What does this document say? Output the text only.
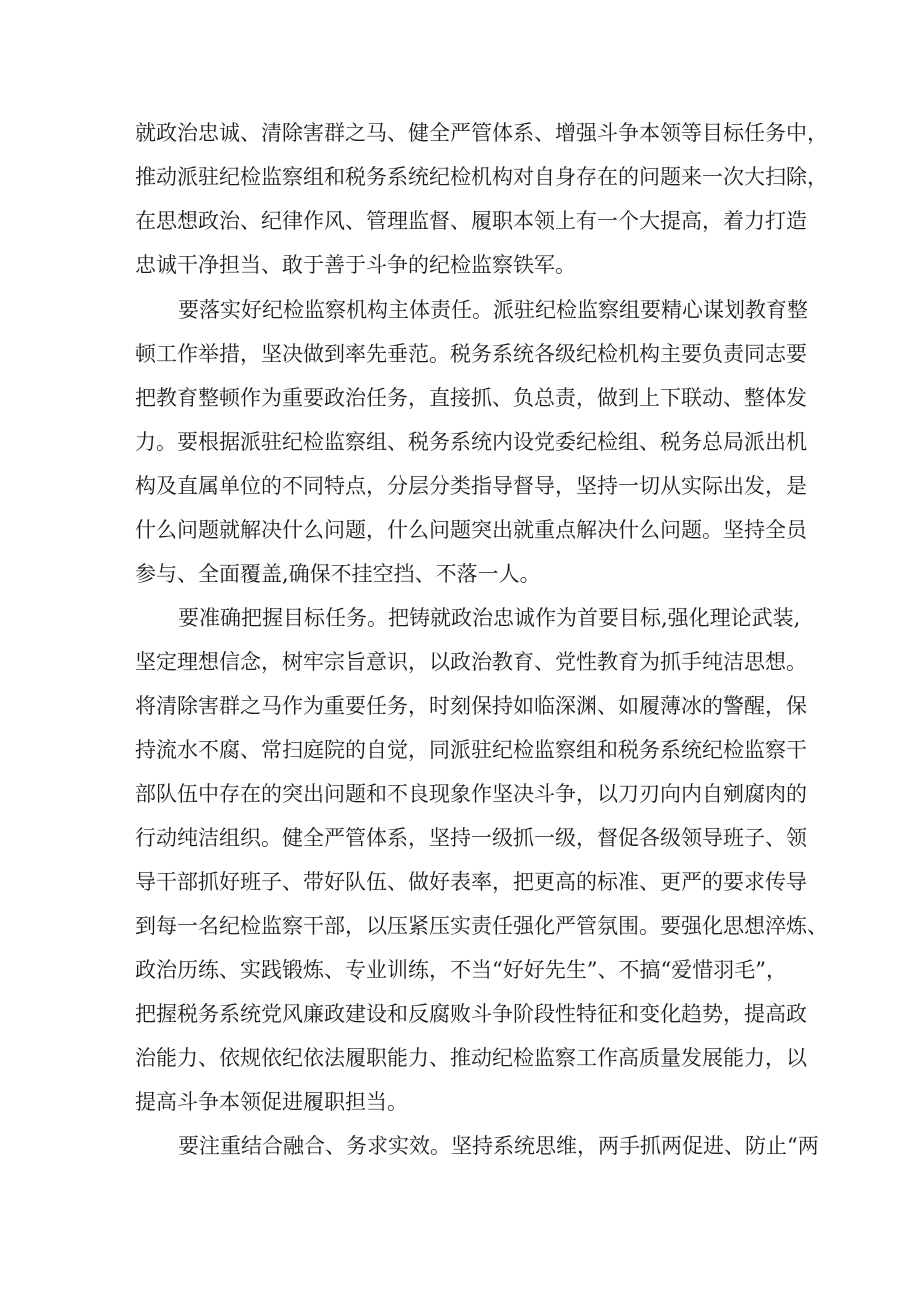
就政治忠诚、清除害群之马、健全严管体系、增强斗争本领等目标任务中，
推动派驻纪检监察组和税务系统纪检机构对自身存在的问题来一次大扫除，
在思想政治、纪律作风、管理监督、履职本领上有一个大提高，着力打造
忠诚干净担当、敢于善于斗争的纪检监察铁军。
要落实好纪检监察机构主体责任。派驻纪检监察组要精心谋划教育整
顿工作举措，坚决做到率先垂范。税务系统各级纪检机构主要负责同志要
把教育整顿作为重要政治任务，直接抓、负总责，做到上下联动、整体发
力。要根据派驻纪检监察组、税务系统内设党委纪检组、税务总局派出机
构及直属单位的不同特点，分层分类指导督导，坚持一切从实际出发，是
什么问题就解决什么问题，什么问题突出就重点解决什么问题。坚持全员
参与、全面覆盖,确保不挂空挡、不落一人。
要准确把握目标任务。把铸就政治忠诚作为首要目标,强化理论武装,
坚定理想信念，树牢宗旨意识，以政治教育、党性教育为抓手纯洁思想。
将清除害群之马作为重要任务，时刻保持如临深渊、如履薄冰的警醒，保
持流水不腐、常扫庭院的自觉，同派驻纪检监察组和税务系统纪检监察干
部队伍中存在的突出问题和不良现象作坚决斗争，以刀刃向内自剜腐肉的
行动纯洁组织。健全严管体系，坚持一级抓一级，督促各级领导班子、领
导干部抓好班子、带好队伍、做好表率，把更高的标准、更严的要求传导
到每一名纪检监察干部，以压紧压实责任强化严管氛围。要强化思想淬炼、
政治历练、实践锻炼、专业训练，不当“好好先生”、不搞“爱惜羽毛”，
把握税务系统党风廉政建设和反腐败斗争阶段性特征和变化趋势，提高政
治能力、依规依纪依法履职能力、推动纪检监察工作高质量发展能力，以
提高斗争本领促进履职担当。
要注重结合融合、务求实效。坚持系统思维，两手抓两促进、防止“两
